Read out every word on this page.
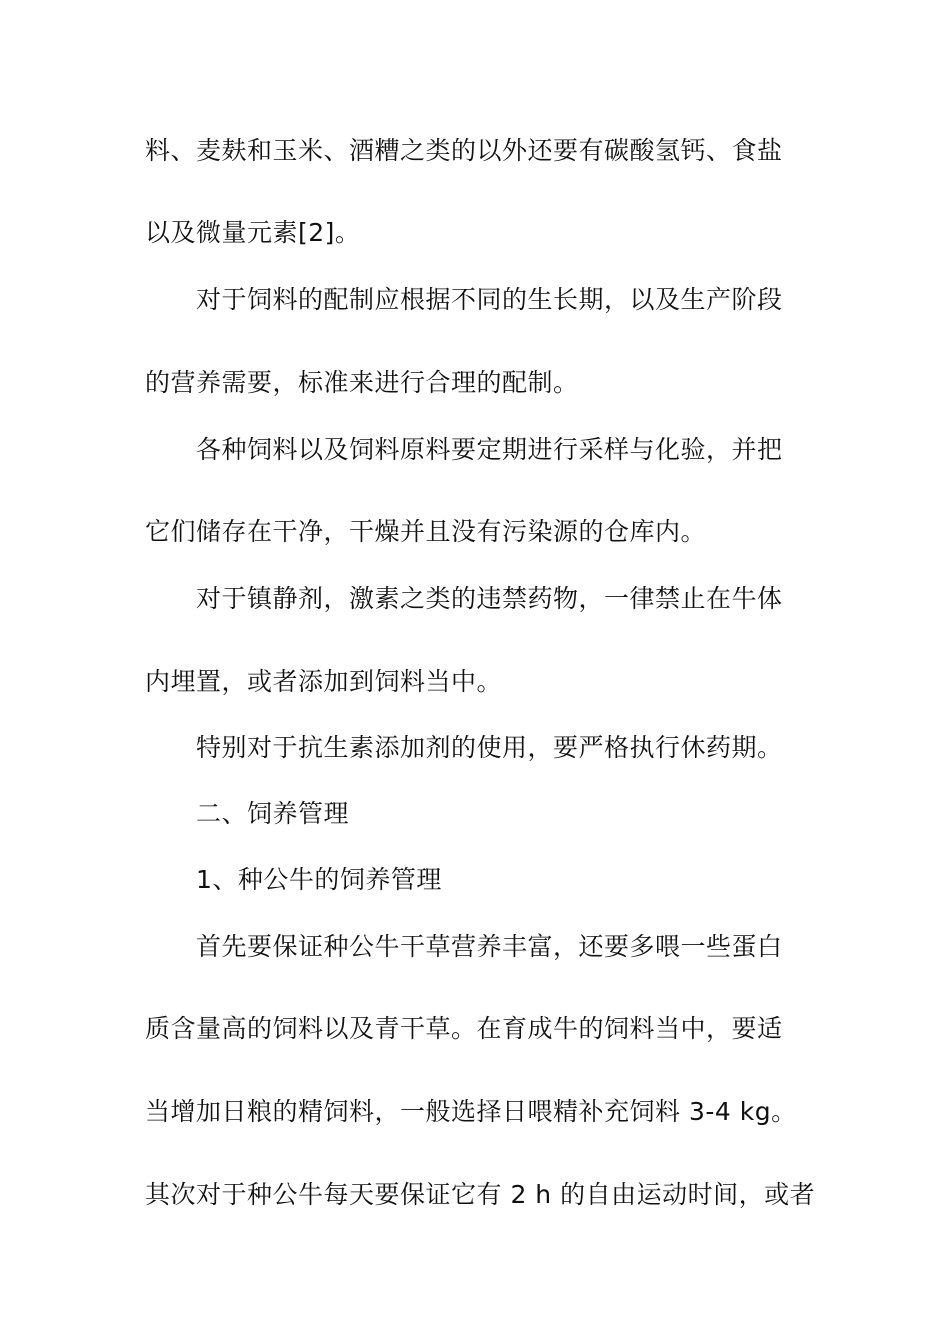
料、麦麸和玉米、酒糟之类的以外还要有碳酸氢钙、食盐
以及微量元素[2]。
对于饲料的配制应根据不同的生长期，以及生产阶段
的营养需要，标准来进行合理的配制。
各种饲料以及饲料原料要定期进行采样与化验，并把
它们储存在干净，干燥并且没有污染源的仓库内。
对于镇静剂，激素之类的违禁药物，一律禁止在牛体
内埋置，或者添加到饲料当中。
特别对于抗生素添加剂的使用，要严格执行休药期。
二、饲养管理
1、种公牛的饲养管理
首先要保证种公牛干草营养丰富，还要多喂一些蛋白
质含量高的饲料以及青干草。在育成牛的饲料当中，要适
当增加日粮的精饲料，一般选择日喂精补充饲料 3-4 kg。
其次对于种公牛每天要保证它有 2 h 的自由运动时间，或者
